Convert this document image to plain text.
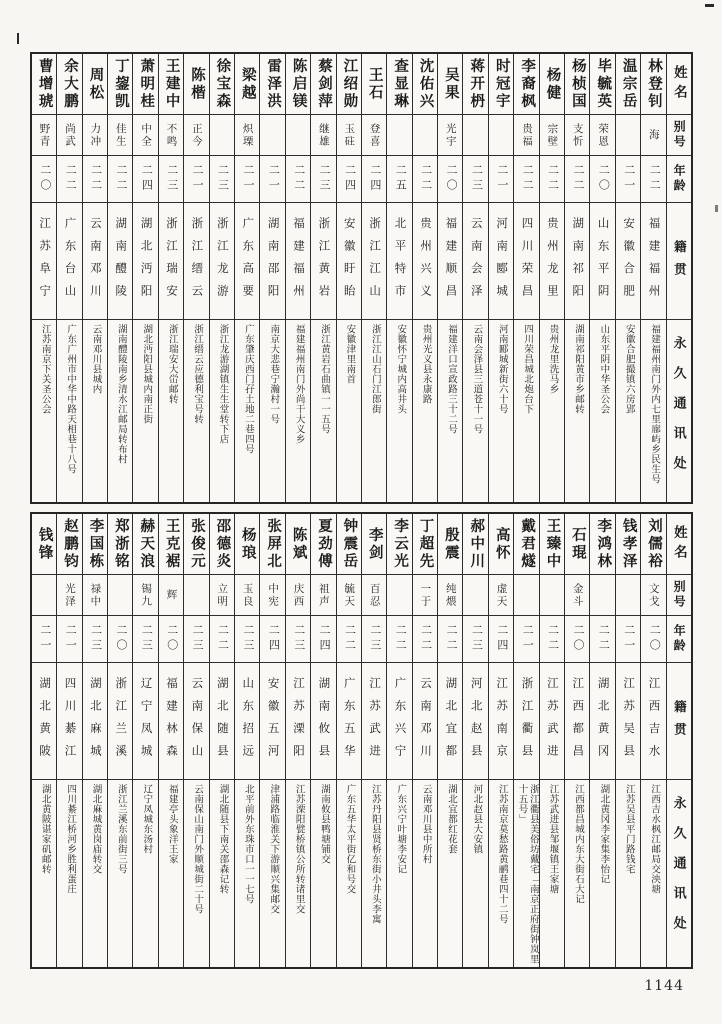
姓名
别号
年龄
籍贯
永久通讯处
林登钊
海
二二
福建福州
福建福州南门外内七里廍屿乡民生号
温宗岳
二一
安徽合肥
安徽合肥撮镇六房郢
毕毓英
荣恩
二〇
山东平阴
山东平阴中华圣公会
杨桢国
支忻
二二
湖南祁阳
湖南祁阳黄市乡邮转
杨健
宗壁
二二
贵州龙里
贵州龙里洗马乡
李裔枫
贵福
二二
四川荣昌
四川荣昌城北炮台下
时冠宇
二一
河南郾城
河南郾城新街六十号
蒋开枬
二三
云南会泽
云南会泽县三道苍十一号
吴果
光宇
二〇
福建顺昌
福建洋口宣政路三十二号
沈佑兴
二二
贵州兴义
贵州光义县永康路
查显琳
二五
北平特市
安徽怀宁城内高井头
王石
登喜
二四
浙江江山
浙江江山石门江郎街
江绍勋
玉砫
二四
安徽盱眙
安徽津里南首
蔡剑萍
继雄
二三
浙江黄岩
浙江黄岩石曲镇一一五号
陈启镁
二二
福建福州
福建福州南门外尚干大义乡
雷泽洪
二一
湖南邵阳
南京大悲巷宁瀚村一号
梁越
炽瑮
二一
广东高要
广东肇庆西门孖土地二巷四号
徐宝森
二三
浙江龙游
浙江龙游湖镇生生堂转下店
陈楷
正今
二一
浙江缙云
浙江缙云应德利宝号转
王建中
不鸣
二三
浙江瑞安
浙江瑞安大峃邮转
萧明桂
中全
二四
湖北沔阳
湖北沔阳县城内南正街
丁鋆凯
佳生
二二
湖南醴陵
湖南醴陵南乡清水江邮局转布村
周松
力冲
二二
云南邓川
云南邓川县城内
余大鹏
尚武
二二
广东台山
广东广州市中华中路天相巷十八号
曹增琥
野青
二〇
江苏阜宁
江苏南京下关圣公会
姓名
别号
年龄
籍贯
永久通讯处
刘儒裕
文戈
二〇
江西吉水
江西吉水枫江邮局交泱塘
钱孝泽
二一
江苏吴县
江苏吴县平门路钱宅
李鸿林
二二
湖北黄冈
湖北黄冈李家集李怡记
石琨
金斗
二〇
江西都昌
江西都昌城内东大街石大记
王臻中
二二
江苏武进
江苏武进县邹堰镇王家塘
戴君燧
二一
浙江衢县
浙江衢县美俗坊戴宅「南京正府街钟岚里十五号」
高怀
虚天
二四
江苏南京
江苏南京莫愁路黄鹂巷四十二号
郝中川
二三
河北赵县
河北赵县大安镇
殷震
纯煨
二二
湖北宜都
湖北宜都红花套
丁超先
一于
二二
云南邓川
云南邓川县中所村
李云光
二二
广东兴宁
广东兴宁叶塘李安记
李剑
百忍
二三
江苏武进
江苏丹阳县贤桥东街小井头李寓
钟震岳
毓天
二二
广东五华
广东五华太平街亿和号交
夏劲傅
祖声
二四
湖南攸县
湖南攸县鸭塘铺交
陈斌
庆西
二三
江苏溧阳
江苏溧阳甓桥镇公所转诸里交
张屏北
中宪
二四
安徽五河
津浦路临淮关下游顺兴集邮交
杨琅
玉良
二三
山东招远
北平前外东珠市口一一七号
邵德炎
立明
二二
湖北随县
湖北随县下南关邵森记转
张俊元
二三
云南保山
云南保山南门外顺城街二十号
王克裾
辉
二〇
福建林森
福建亭头象洋王家
赫天浪
锡九
二三
辽宁凤城
辽宁凤城东汤村
郑浙铭
二〇
浙江兰溪
浙江兰溪东前街三号
李国栋
禄中
二三
湖北麻城
湖北麻城黄岗庙转交
赵鹏钧
光泽
二一
四川綦江
四川綦江桥河乡胜利蛋庄
钱锋
二一
湖北黄陂
湖北黄陂谌家矶邮转
1144
